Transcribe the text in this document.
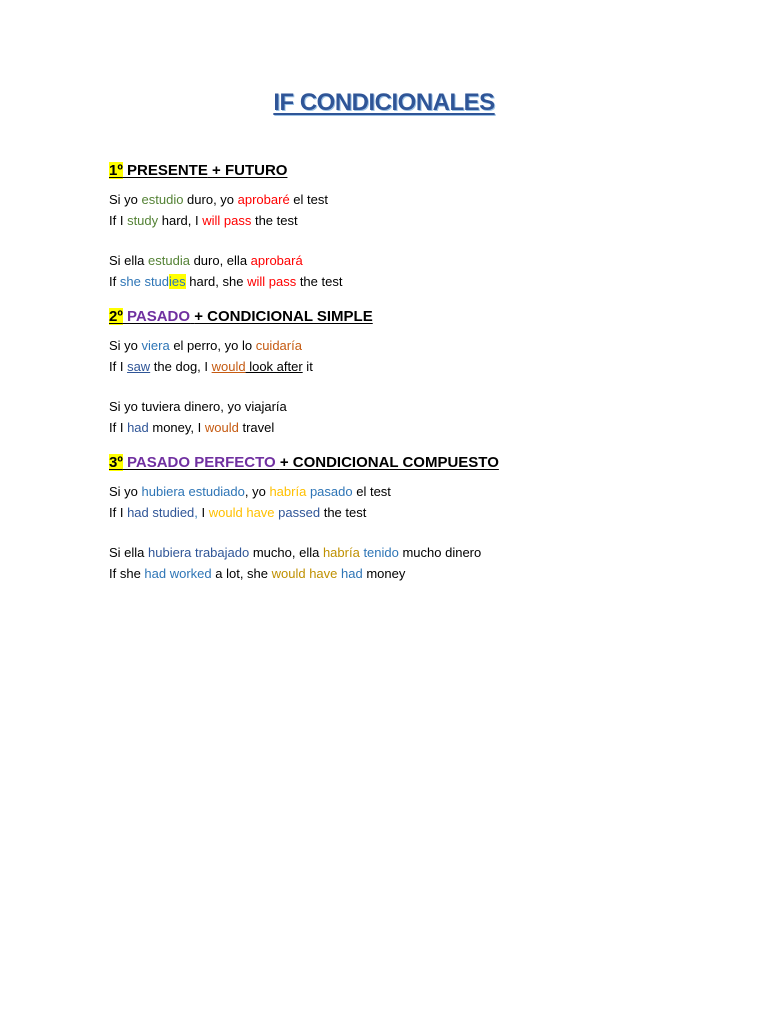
IF CONDICIONALES
1º PRESENTE + FUTURO
Si yo estudio duro, yo aprobaré el test
If I study hard, I will pass the test
Si ella estudia duro, ella aprobará
If she studies hard, she will pass the test
2º PASADO + CONDICIONAL SIMPLE
Si yo viera el perro, yo lo cuidaría
If I saw the dog, I would look after it
Si yo tuviera dinero, yo viajaría
If I had money, I would travel
3º PASADO PERFECTO + CONDICIONAL COMPUESTO
Si yo hubiera estudiado, yo habría pasado el test
If I had studied, I would have passed the test
Si ella hubiera trabajado mucho, ella habría tenido mucho dinero
If she had worked a lot, she would have had money
